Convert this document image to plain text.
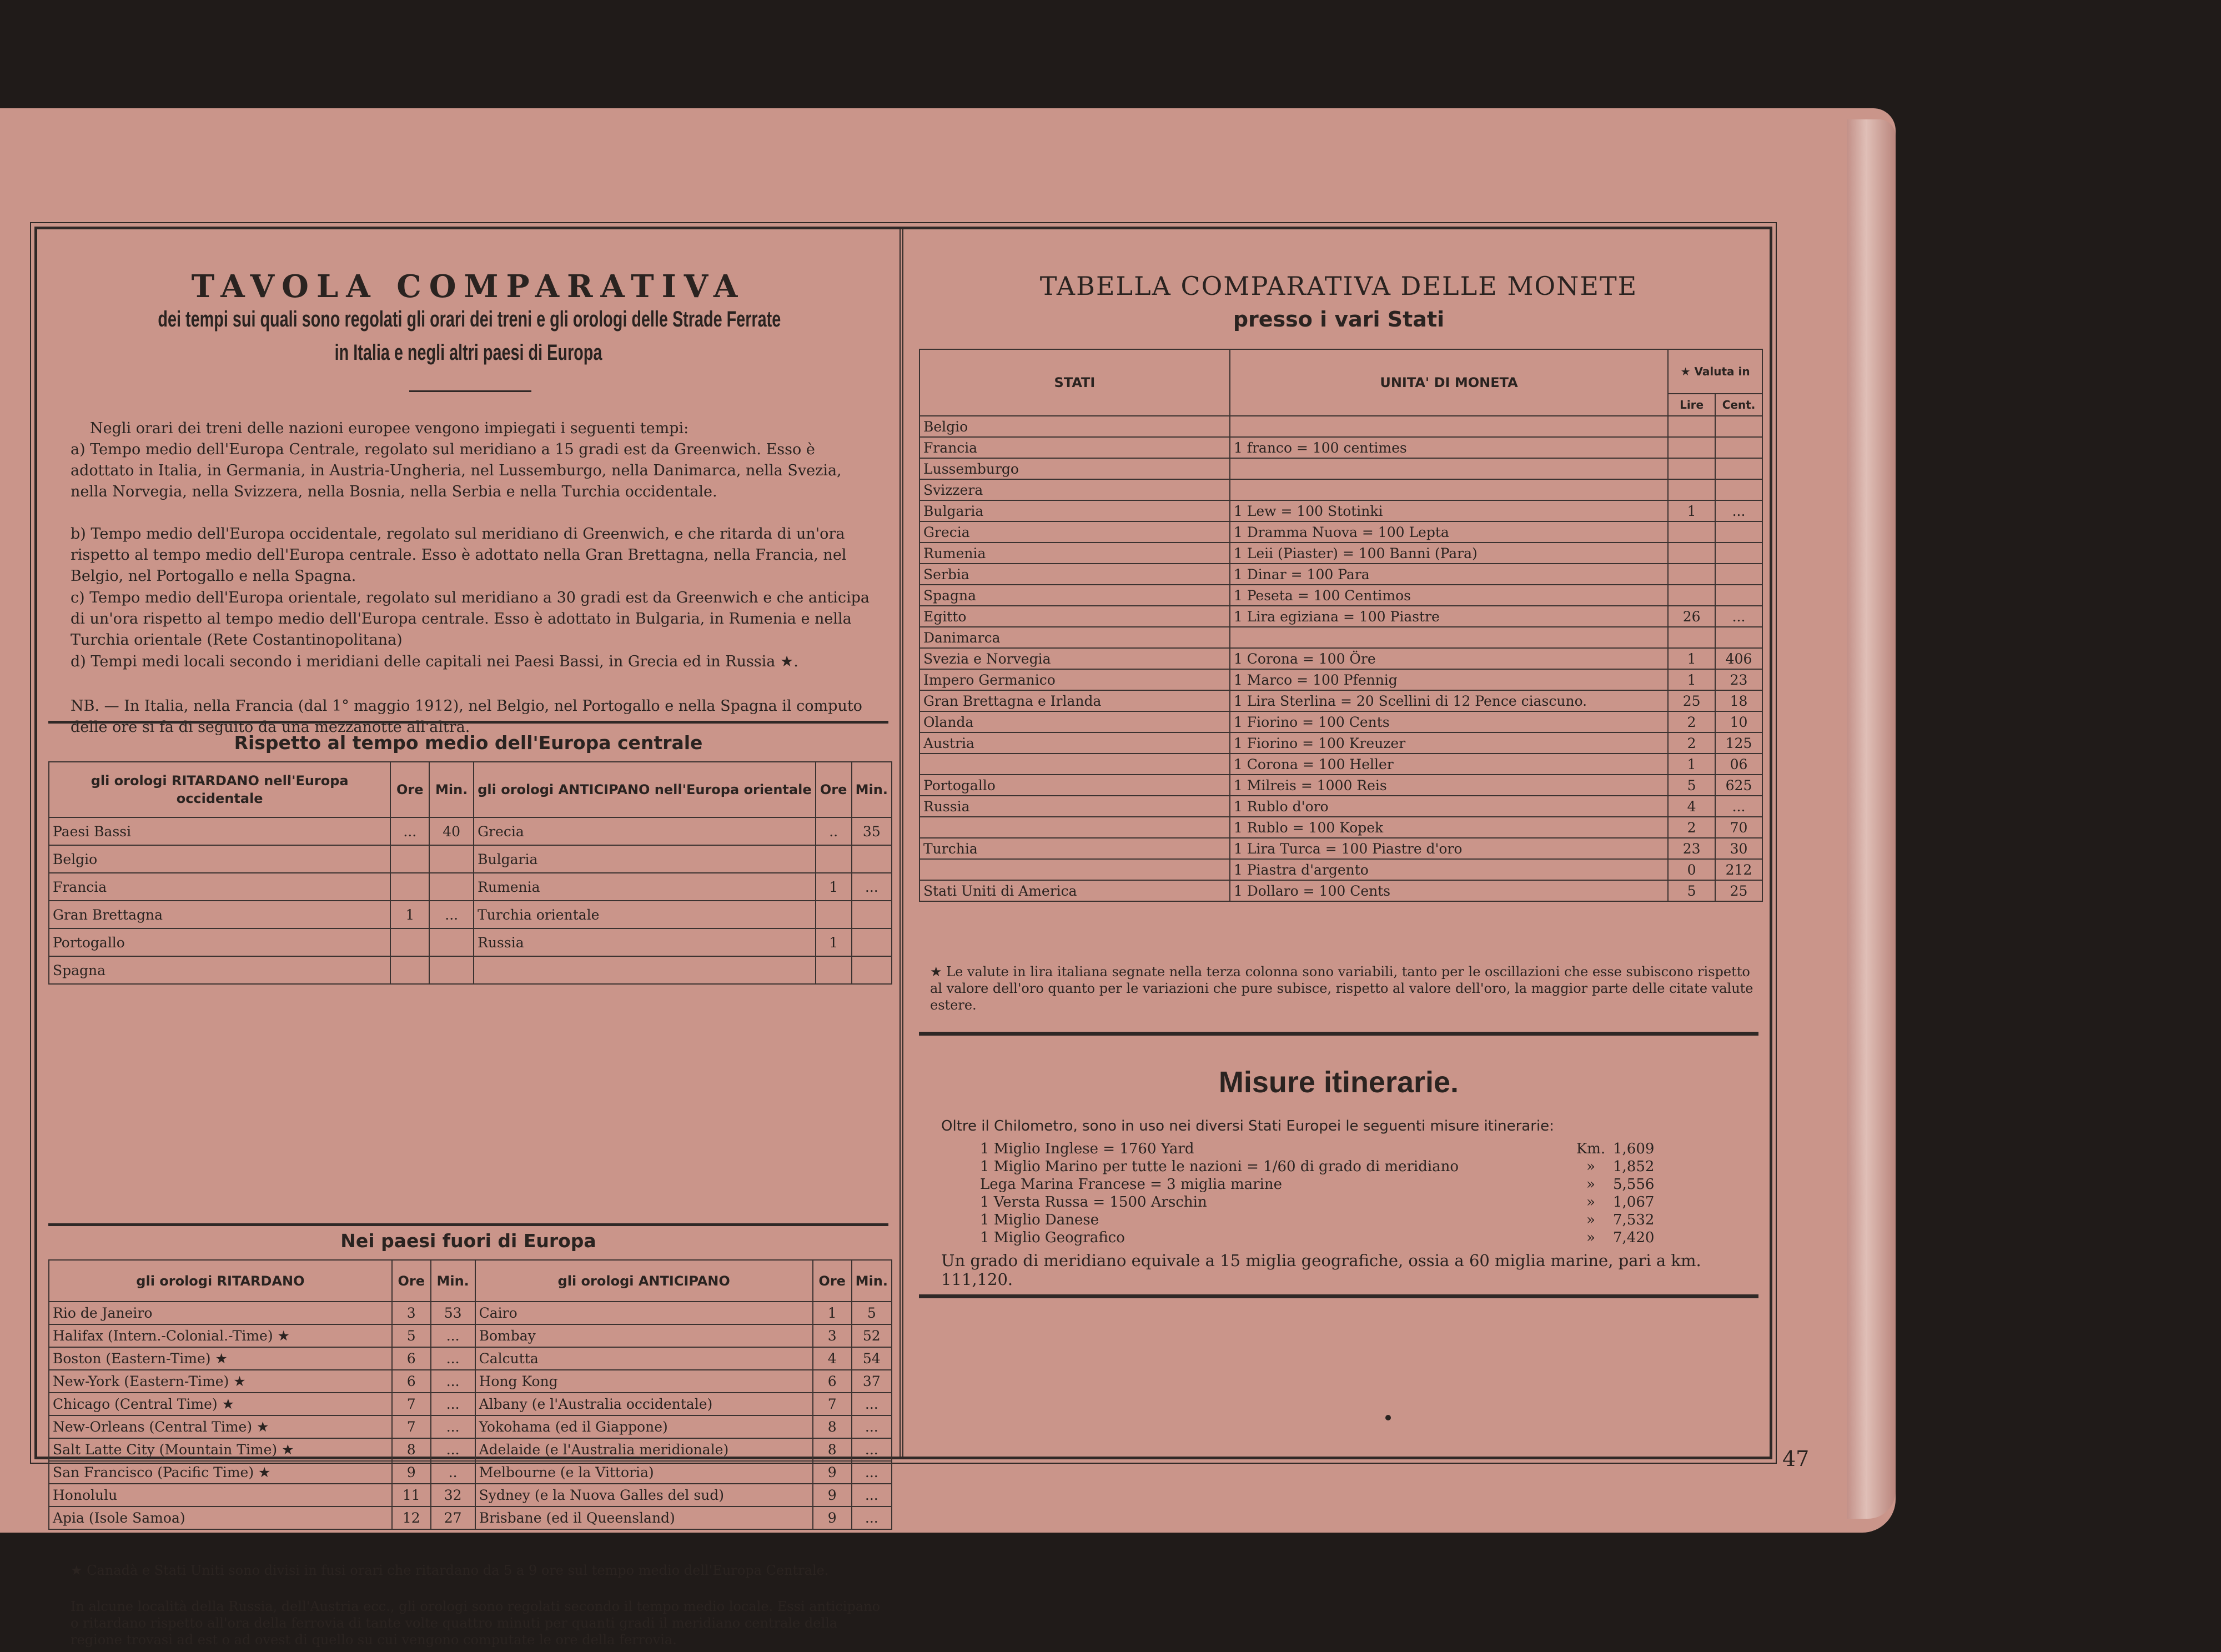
TAVOLA COMPARATIVA
dei tempi sui quali sono regolati gli orari dei treni e gli orologi delle Strade Ferrate
in Italia e negli altri paesi di Europa
Negli orari dei treni delle nazioni europee vengono impiegati i seguenti tempi:
a) Tempo medio dell'Europa Centrale, regolato sul meridiano a 15 gradi est da Greenwich. Esso è adottato in Italia, in Germania, in Austria-Ungheria, nel Lussemburgo, nella Danimarca, nella Svezia, nella Norvegia, nella Svizzera, nella Bosnia, nella Serbia e nella Turchia occidentale.
b) Tempo medio dell'Europa occidentale, regolato sul meridiano di Greenwich, e che ritarda di un'ora rispetto al tempo medio dell'Europa centrale. Esso è adottato nella Gran Brettagna, nella Francia, nel Belgio, nel Portogallo e nella Spagna.
c) Tempo medio dell'Europa orientale, regolato sul meridiano a 30 gradi est da Greenwich e che anticipa di un'ora rispetto al tempo medio dell'Europa centrale. Esso è adottato in Bulgaria, in Rumenia e nella Turchia orientale (Rete Costantinopolitana)
d) Tempi medi locali secondo i meridiani delle capitali nei Paesi Bassi, in Grecia ed in Russia ★.
NB. — In Italia, nella Francia (dal 1° maggio 1912), nel Belgio, nel Portogallo e nella Spagna il computo delle ore si fa di seguito da una mezzanotte all'altra.
Rispetto al tempo medio dell'Europa centrale
gli orologi RITARDANO nell'Europa occidentale	Ore	Min.	gli orologi ANTICIPANO nell'Europa orientale	Ore	Min.
Paesi Bassi	...	40	Grecia	..	35
Belgio			Bulgaria		
Francia			Rumenia	1	...
Gran Brettagna	1	...	Turchia orientale		
Portogallo			Russia	1	
Spagna					
Nei paesi fuori di Europa
gli orologi RITARDANO	Ore	Min.	gli orologi ANTICIPANO	Ore	Min.
Rio de Janeiro	3	53	Cairo	1	5
Halifax (Intern.-Colonial.-Time) ★	5	...	Bombay	3	52
Boston (Eastern-Time) ★	6	...	Calcutta	4	54
New-York (Eastern-Time) ★	6	...	Hong Kong	6	37
Chicago (Central Time) ★	7	...	Albany (e l'Australia occidentale)	7	...
New-Orleans (Central Time) ★	7	...	Yokohama (ed il Giappone)	8	...
Salt Latte City (Mountain Time) ★	8	...	Adelaide (e l'Australia meridionale)	8	...
San Francisco (Pacific Time) ★	9	..	Melbourne (e la Vittoria)	9	...
Honolulu	11	32	Sydney (e la Nuova Galles del sud)	9	...
Apia (Isole Samoa)	12	27	Brisbane (ed il Queensland)	9	...
★ Canadà e Stati Uniti sono divisi in fusi orari che ritardano da 5 a 9 ore sul tempo medio dell'Europa Centrale.
In alcune località della Russia, dell'Austria ecc., gli orologi sono regolati secondo il tempo medio locale. Essi anticipano o ritardano rispetto all'ora della ferrovia di tante volte quattro minuti per quanti gradi il meridiano centrale della regione trovasi ad est o ad ovest di quello su cui vengono computate le ore della ferrovia.
TABELLA COMPARATIVA DELLE MONETE
presso i vari Stati
STATI	UNITA' DI MONETA	★ Valuta in	
		Lire	Cent.
Belgio			
Francia	1 franco = 100 centimes		
Lussemburgo			
Svizzera			
Bulgaria	1 Lew = 100 Stotinki	1	...
Grecia	1 Dramma Nuova = 100 Lepta		
Rumenia	1 Leii (Piaster) = 100 Banni (Para)		
Serbia	1 Dinar = 100 Para		
Spagna	1 Peseta = 100 Centimos		
Egitto	1 Lira egiziana = 100 Piastre	26	...
Danimarca			
Svezia e Norvegia	1 Corona = 100 Öre	1	406
Impero Germanico	1 Marco = 100 Pfennig	1	23
Gran Brettagna e Irlanda	1 Lira Sterlina = 20 Scellini di 12 Pence ciascuno.	25	18
Olanda	1 Fiorino = 100 Cents	2	10
Austria	1 Fiorino = 100 Kreuzer	2	125
	1 Corona = 100 Heller	1	06
Portogallo	1 Milreis = 1000 Reis	5	625
Russia	1 Rublo d'oro	4	...
	1 Rublo = 100 Kopek	2	70
Turchia	1 Lira Turca = 100 Piastre d'oro	23	30
	1 Piastra d'argento	0	212
Stati Uniti di America	1 Dollaro = 100 Cents	5	25
★ Le valute in lira italiana segnate nella terza colonna sono variabili, tanto per le oscillazioni che esse subiscono rispetto al valore dell'oro quanto per le variazioni che pure subisce, rispetto al valore dell'oro, la maggior parte delle citate valute estere.
Misure itinerarie.
Oltre il Chilometro, sono in uso nei diversi Stati Europei le seguenti misure itinerarie:
1 Miglio Inglese = 1760 Yard	Km. 1,609
1 Miglio Marino per tutte le nazioni = 1/60 di grado di meridiano	»	1,852
Lega Marina Francese = 3 miglia marine	»	5,556
1 Versta Russa = 1500 Arschin	»	1,067
1 Miglio Danese	»	7,532
1 Miglio Geografico	»	7,420
Un grado di meridiano equivale a 15 miglia geografiche, ossia a 60 miglia marine, pari a km. 111,120.
47
